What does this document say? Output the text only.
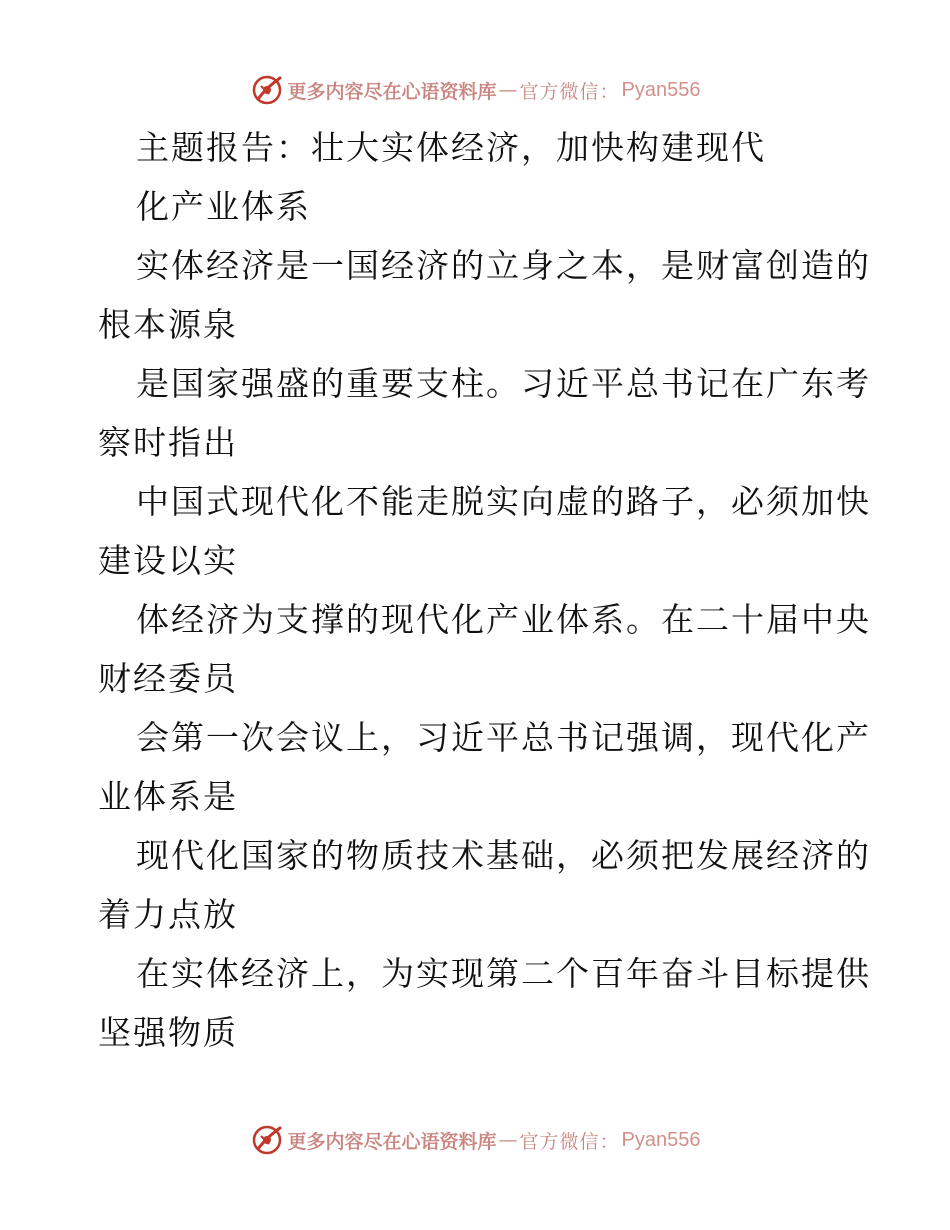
更多内容尽在心语资料库 — 官方微信： Pyan556
主题报告：壮大实体经济，加快构建现代
化产业体系
实体经济是一国经济的立身之本，是财富创造的
根本源泉
是国家强盛的重要支柱。习近平总书记在广东考
察时指出
中国式现代化不能走脱实向虚的路子，必须加快
建设以实
体经济为支撑的现代化产业体系。在二十届中央
财经委员
会第一次会议上，习近平总书记强调，现代化产
业体系是
现代化国家的物质技术基础，必须把发展经济的
着力点放
在实体经济上，为实现第二个百年奋斗目标提供
坚强物质
更多内容尽在心语资料库 — 官方微信： Pyan556
